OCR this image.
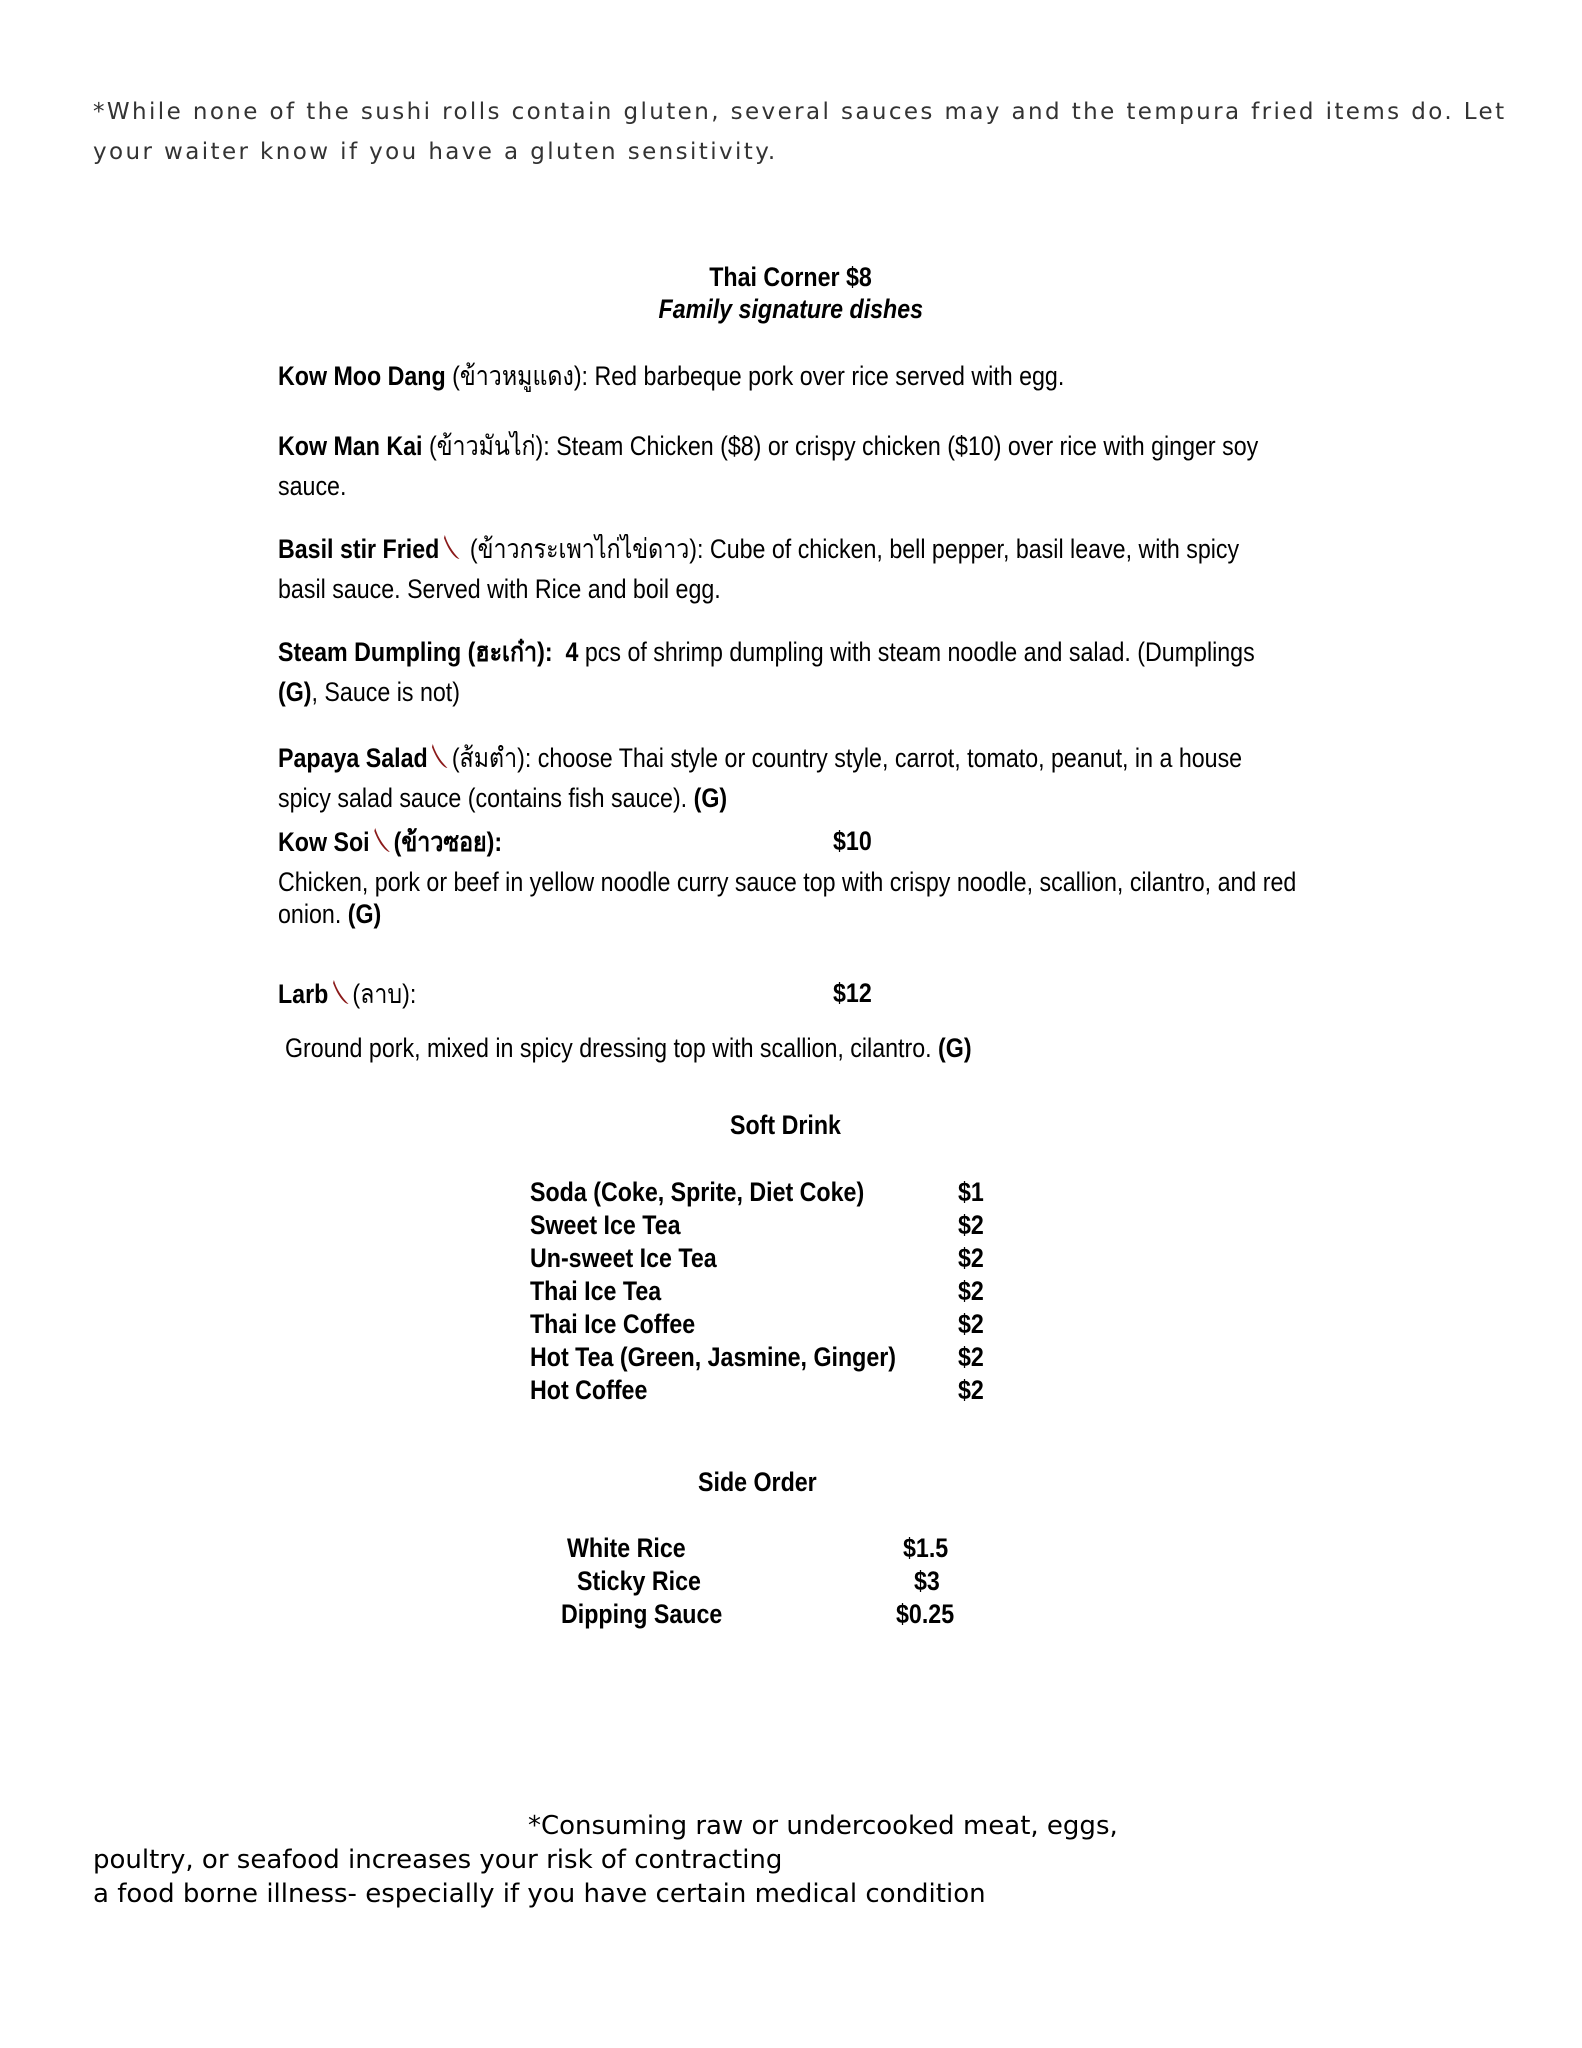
*While none of the sushi rolls contain gluten, several sauces may and the tempura fried items do. Let your waiter know if you have a gluten sensitivity.
Thai Corner $8
Family signature dishes
Kow Moo Dang (ข้าวหมูแดง): Red barbeque pork over rice served with egg.
Kow Man Kai (ข้าวมันไก่): Steam Chicken ($8) or crispy chicken ($10) over rice with ginger soy
sauce.
Basil stir Fried (ข้าวกระเพาไก่ไข่ดาว): Cube of chicken, bell pepper, basil leave, with spicy
basil sauce. Served with Rice and boil egg.
Steam Dumpling (ฮะเก๋า): 4 pcs of shrimp dumpling with steam noodle and salad. (Dumplings
(G), Sauce is not)
Papaya Salad (ส้มตำ): choose Thai style or country style, carrot, tomato, peanut, in a house
spicy salad sauce (contains fish sauce). (G)
Kow Soi (ข้าวซอย):	$10
Chicken, pork or beef in yellow noodle curry sauce top with crispy noodle, scallion, cilantro, and red
onion. (G)
Larb (ลาบ):	$12
Ground pork, mixed in spicy dressing top with scallion, cilantro. (G)
Soft Drink
Soda (Coke, Sprite, Diet Coke)
Sweet Ice Tea
Un-sweet Ice Tea
Thai Ice Tea
Thai Ice Coffee
Hot Tea (Green, Jasmine, Ginger)
Hot Coffee
$1
$2
$2
$2
$2
$2
$2
Side Order
White Rice
Sticky Rice
Dipping Sauce
$1.5
$3
$0.25
*Consuming raw or undercooked meat, eggs,
poultry, or seafood increases your risk of contracting
a food borne illness- especially if you have certain medical condition
